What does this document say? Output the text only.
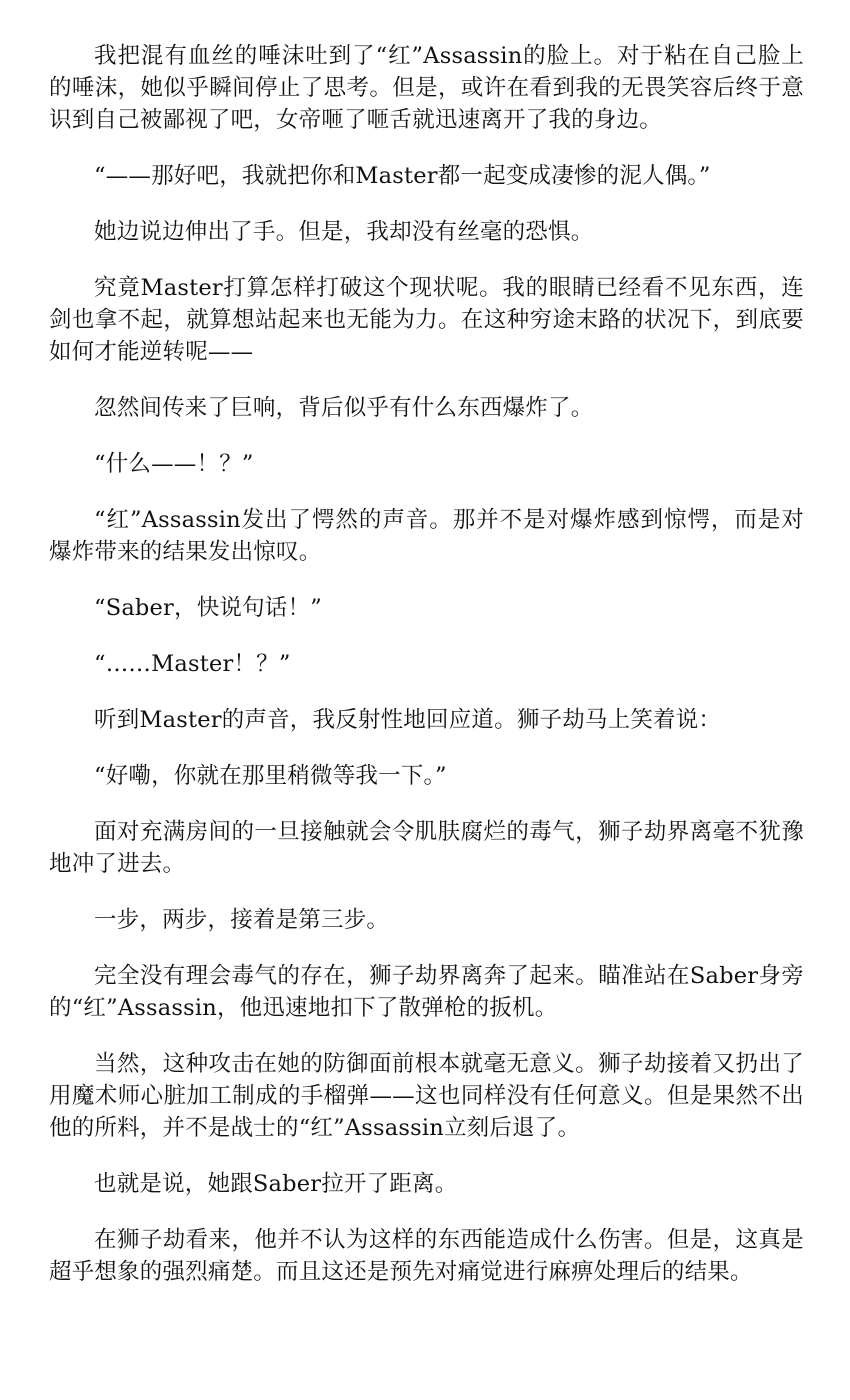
我把混有血丝的唾沫吐到了“红”Assassin的脸上。对于粘在自己脸上的唾沫，她似乎瞬间停止了思考。但是，或许在看到我的无畏笑容后终于意识到自己被鄙视了吧，女帝咂了咂舌就迅速离开了我的身边。

“——那好吧，我就把你和Master都一起变成凄惨的泥人偶。”

她边说边伸出了手。但是，我却没有丝毫的恐惧。

究竟Master打算怎样打破这个现状呢。我的眼睛已经看不见东西，连剑也拿不起，就算想站起来也无能为力。在这种穷途末路的状况下，到底要如何才能逆转呢——

忽然间传来了巨响，背后似乎有什么东西爆炸了。

“什么——！？”

“红”Assassin发出了愕然的声音。那并不是对爆炸感到惊愕，而是对爆炸带来的结果发出惊叹。

“Saber，快说句话！”

“……Master！？”

听到Master的声音，我反射性地回应道。狮子劫马上笑着说：

“好嘞，你就在那里稍微等我一下。”

面对充满房间的一旦接触就会令肌肤腐烂的毒气，狮子劫界离毫不犹豫地冲了进去。

一步，两步，接着是第三步。

完全没有理会毒气的存在，狮子劫界离奔了起来。瞄准站在Saber身旁的“红”Assassin，他迅速地扣下了散弹枪的扳机。

当然，这种攻击在她的防御面前根本就毫无意义。狮子劫接着又扔出了用魔术师心脏加工制成的手榴弹——这也同样没有任何意义。但是果然不出他的所料，并不是战士的“红”Assassin立刻后退了。

也就是说，她跟Saber拉开了距离。

在狮子劫看来，他并不认为这样的东西能造成什么伤害。但是，这真是超乎想象的强烈痛楚。而且这还是预先对痛觉进行麻痹处理后的结果。
